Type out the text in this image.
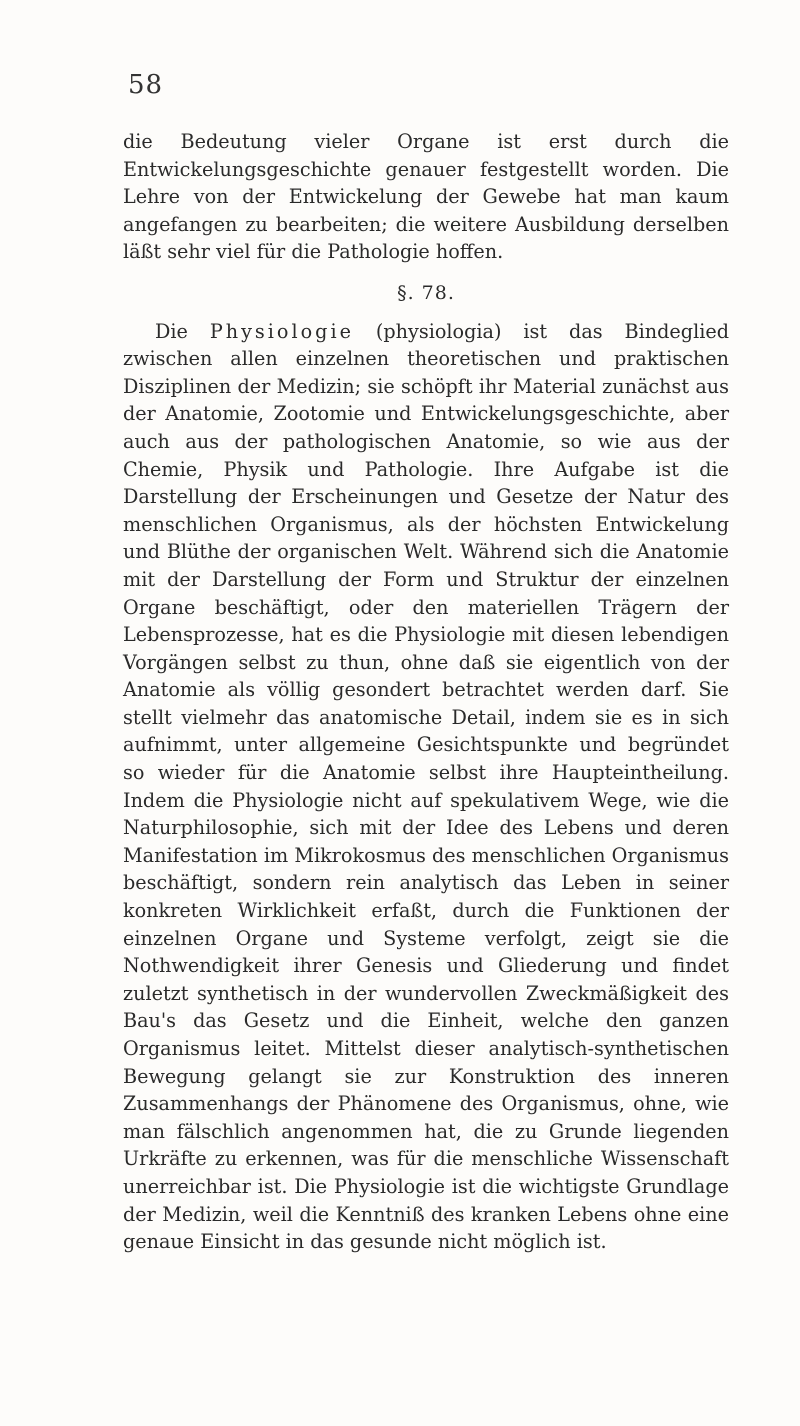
58

die Bedeutung vieler Organe ist erst durch die Entwickelungsgeschichte genauer festgestellt worden. Die Lehre von der Entwickelung der Gewebe hat man kaum angefangen zu bearbeiten; die weitere Ausbildung derselben läßt sehr viel für die Pathologie hoffen.

§. 78.

Die Physiologie (physiologia) ist das Bindeglied zwischen allen einzelnen theoretischen und praktischen Disziplinen der Medizin; sie schöpft ihr Material zunächst aus der Anatomie, Zootomie und Entwickelungsgeschichte, aber auch aus der pathologischen Anatomie, so wie aus der Chemie, Physik und Pathologie. Ihre Aufgabe ist die Darstellung der Erscheinungen und Gesetze der Natur des menschlichen Organismus, als der höchsten Entwickelung und Blüthe der organischen Welt. Während sich die Anatomie mit der Darstellung der Form und Struktur der einzelnen Organe beschäftigt, oder den materiellen Trägern der Lebensprozesse, hat es die Physiologie mit diesen lebendigen Vorgängen selbst zu thun, ohne daß sie eigentlich von der Anatomie als völlig gesondert betrachtet werden darf. Sie stellt vielmehr das anatomische Detail, indem sie es in sich aufnimmt, unter allgemeine Gesichtspunkte und begründet so wieder für die Anatomie selbst ihre Haupteintheilung. Indem die Physiologie nicht auf spekulativem Wege, wie die Naturphilosophie, sich mit der Idee des Lebens und deren Manifestation im Mikrokosmus des menschlichen Organismus beschäftigt, sondern rein analytisch das Leben in seiner konkreten Wirklichkeit erfaßt, durch die Funktionen der einzelnen Organe und Systeme verfolgt, zeigt sie die Nothwendigkeit ihrer Genesis und Gliederung und findet zuletzt synthetisch in der wundervollen Zweckmäßigkeit des Bau's das Gesetz und die Einheit, welche den ganzen Organismus leitet. Mittelst dieser analytisch-synthetischen Bewegung gelangt sie zur Konstruktion des inneren Zusammenhangs der Phänomene des Organismus, ohne, wie man fälschlich angenommen hat, die zu Grunde liegenden Urkräfte zu erkennen, was für die menschliche Wissenschaft unerreichbar ist. Die Physiologie ist die wichtigste Grundlage der Medizin, weil die Kenntniß des kranken Lebens ohne eine genaue Einsicht in das gesunde nicht möglich ist.
